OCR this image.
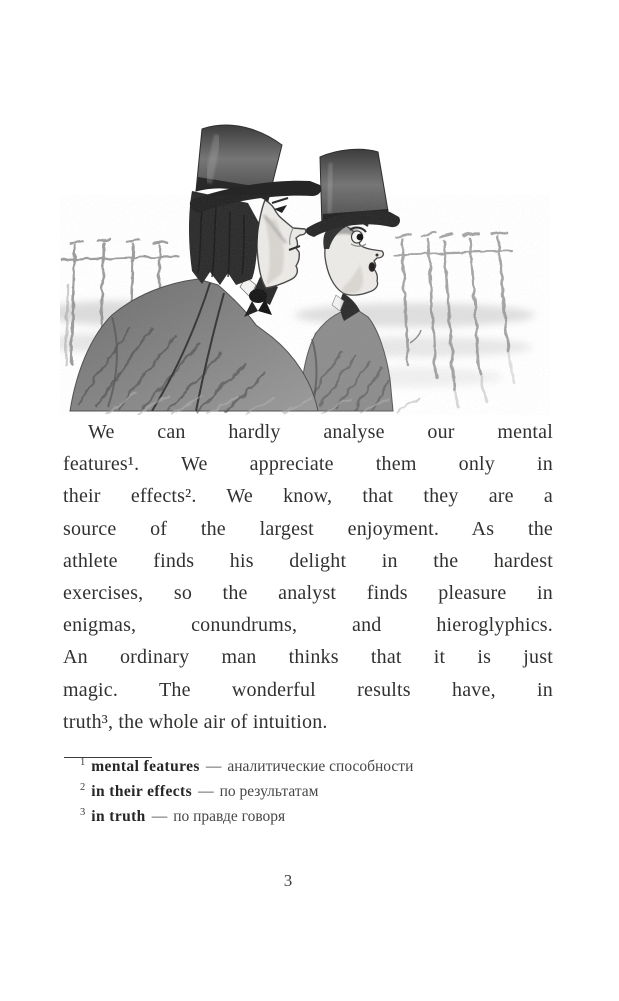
We can hardly analyse our mental
features¹. We appreciate them only in
their effects². We know, that they are a
source of the largest enjoyment. As the
athlete finds his delight in the hardest
exercises, so the analyst finds pleasure in
enigmas, conundrums, and hieroglyphics.
An ordinary man thinks that it is just
magic. The wonderful results have, in
truth³, the whole air of intuition.
1 mental features — аналитические способности
2 in their effects — по результатам
3 in truth — по правде говоря
3
